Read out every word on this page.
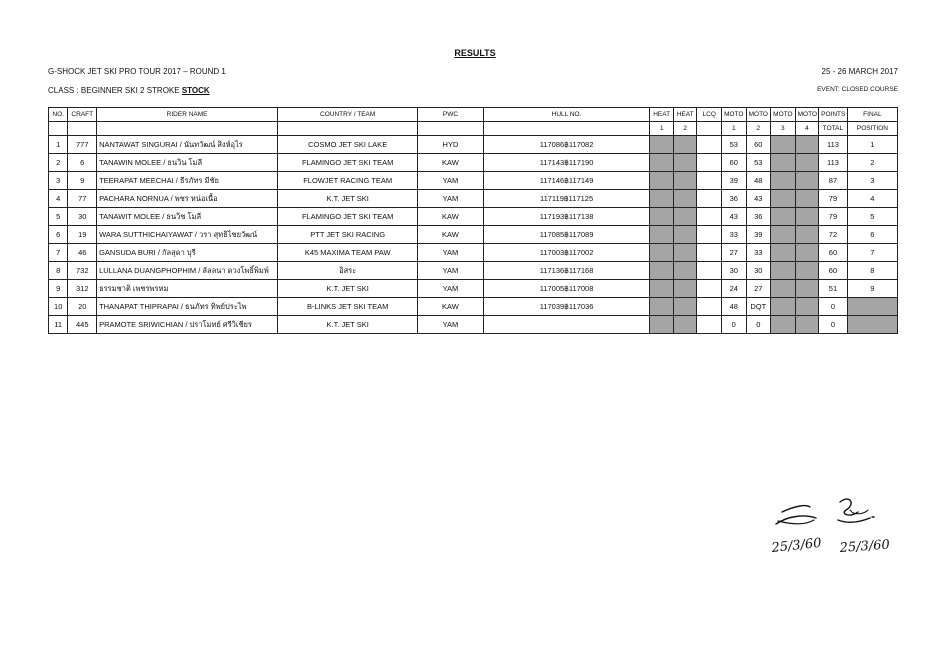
RESULTS
G-SHOCK JET SKI PRO TOUR 2017 – ROUND 1	25 - 26 MARCH 2017
CLASS : BEGINNER SKI 2 STROKE STOCK	EVENT: CLOSED COURSE
NO.	CRAFT	RIDER NAME	COUNTRY / TEAM	PWC	HULL NO.	HEAT	HEAT	LCQ	MOTO	MOTO	MOTO	MOTO	POINTS	FINAL
						1	2		1	2	3	4	TOTAL	POSITION
1	777	NANTAWAT SINGURAI / นันทวัฒน์ สิงห์อุไร	COSMO JET SKI LAKE	HYD	117086฿117082				53	60			113	1
2	6	TANAWIN MOLEE / ธนวิน โมลี	FLAMINGO JET SKI TEAM	KAW	117143฿117190				60	53			113	2
3	9	TEERAPAT MEECHAI / ธีรภัทร มีชัย	FLOWJET RACING TEAM	YAM	117146฿117149				39	48			87	3
4	77	PACHARA NORNUA / พชร หน่อเนื้อ	K.T. JET SKI	YAM	117119฿117125				36	43			79	4
5	30	TANAWIT MOLEE / ธนวิช โมลี	FLAMINGO JET SKI TEAM	KAW	117193฿117138				43	36			79	5
6	19	WARA SUTTHICHAIYAWAT / วรา สุทธิไชยวัฒน์	PTT JET SKI RACING	KAW	117085฿117089				33	39			72	6
7	46	GANSUDA BURI / กัลสุดา บุรี	K45 MAXIMA TEAM PAW	YAM	117003฿117002				27	33			60	7
8	732	LULLANA DUANGPHOPHIM / ลัลลนา ดวงโพธิ์พิมพ์	อิสระ	YAM	117136฿117168				30	30			60	8
9	312	ธรรมชาติ เพชรพรหม	K.T. JET SKI	YAM	117005฿117008				24	27			51	9
10	20	THANAPAT THIPRAPAI / ธนภัทร ทิพย์ประไพ	B-LINKS JET SKI TEAM	KAW	117039฿117036				48	DQT			0	
11	445	PRAMOTE SRIWICHIAN / ปราโมทย์ ศรีวิเชียร	K.T. JET SKI	YAM					0	0			0	
25/3/60 25/3/60
